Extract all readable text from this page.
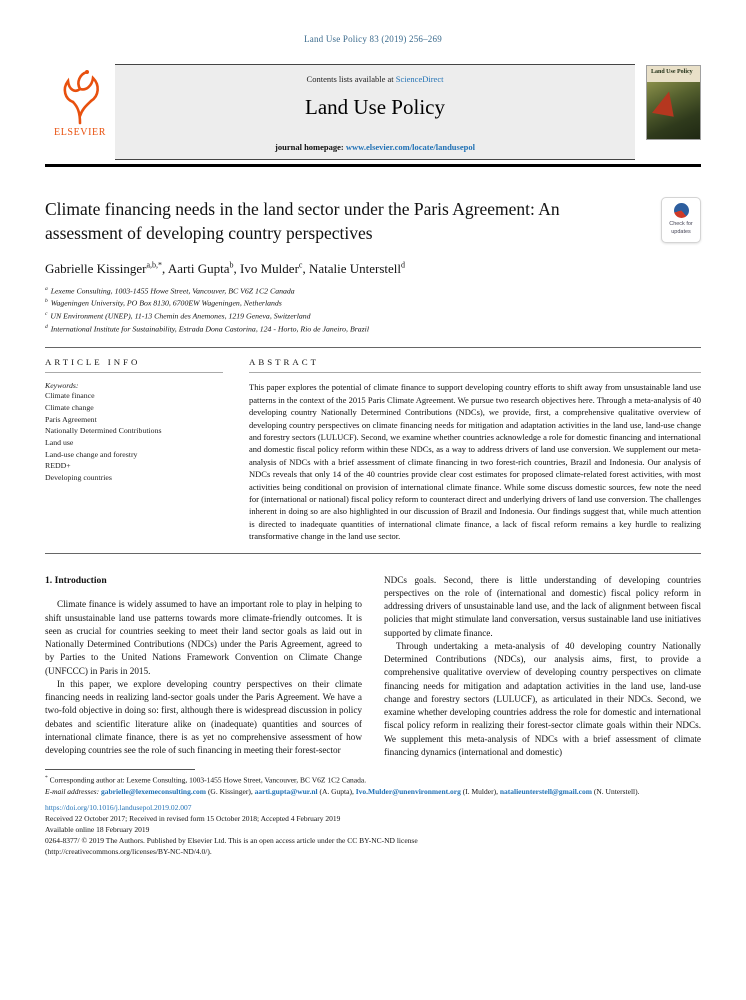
Land Use Policy 83 (2019) 256–269
ELSEVIER
Contents lists available at ScienceDirect
Land Use Policy
journal homepage: www.elsevier.com/locate/landusepol
Land Use Policy
Climate financing needs in the land sector under the Paris Agreement: An assessment of developing country perspectives	Check for updates
Gabrielle Kissinger$^{a,b,*}$, Aarti Gupta$^b$, Ivo Mulder$^c$, Natalie Unterstell$^d$
$^a$ Lexeme Consulting, 1003-1455 Howe Street, Vancouver, BC V6Z 1C2 Canada
$^b$ Wageningen University, PO Box 8130, 6700EW Wageningen, Netherlands
$^c$ UN Environment (UNEP), 11-13 Chemin des Anemones, 1219 Geneva, Switzerland
$^d$ International Institute for Sustainability, Estrada Dona Castorina, 124 - Horto, Rio de Janeiro, Brazil
ARTICLE INFO
Keywords:
Climate finance
Climate change
Paris Agreement
Nationally Determined Contributions
Land use
Land-use change and forestry
REDD+
Developing countries
ABSTRACT

This paper explores the potential of climate finance to support developing country efforts to shift away from unsustainable land use patterns in the context of the 2015 Paris Climate Agreement. We pursue two research objectives here. Through a meta-analysis of 40 developing country Nationally Determined Contributions (NDCs), we provide, first, a comprehensive qualitative overview of developing country perspectives on climate financing needs for mitigation and adaptation activities in the land use, land-use change and forestry sectors (LULUCF). Second, we examine whether countries acknowledge a role for domestic financing and international and domestic fiscal policy reform within these NDCs, as a way to address drivers of land use conversion. We supplement our meta-analysis of NDCs with a brief assessment of climate financing in two forest-rich countries, Brazil and Indonesia. Our analysis of NDCs reveals that only 14 of the 40 countries provide clear cost estimates for proposed climate-related forest activities, with most activities being conditional on provision of international climate finance. While some discuss domestic sources, few note the need for (international or national) fiscal policy reform to counteract direct and underlying drivers of land use conversion. The challenges inherent in doing so are also highlighted in our discussion of Brazil and Indonesia. Our findings suggest that, while much attention is directed to inadequate quantities of international climate finance, a lack of fiscal reform remains a key hurdle to realizing transformative change in the land use sector.

1. Introduction

Climate finance is widely assumed to have an important role to play in helping to shift unsustainable land use patterns towards more climate-friendly outcomes. It is seen as crucial for countries seeking to meet their land sector goals as laid out in Nationally Determined Contributions (NDCs) under the Paris Agreement, agreed to by Parties to the United Nations Framework Convention on Climate Change (UNFCCC) in Paris in 2015.

In this paper, we explore developing country perspectives on their climate financing needs in realizing land-sector goals under the Paris Agreement. We have a two-fold objective in doing so: first, although there is widespread discussion in policy debates and scientific literature alike on (inadequate) quantities and sources of international climate finance, there is as yet no comprehensive assessment of how developing countries see the role of such financing in meeting their forest-sector

NDCs goals. Second, there is little understanding of developing countries perspectives on the role of (international and domestic) fiscal policy reform in addressing drivers of unsustainable land use, and the lack of alignment between fiscal policies that might stimulate land conversation, versus sustainable land use initiatives supported by climate finance.

Through undertaking a meta-analysis of 40 developing country Nationally Determined Contributions (NDCs), our analysis aims, first, to provide a comprehensive qualitative overview of developing country perspectives on climate financing needs for mitigation and adaptation activities in the land use, land-use change and forestry sectors (LULUCF), as articulated in their NDCs. Second, we examine whether developing countries address the role for domestic and international fiscal policy reform in realizing their forest-sector climate goals within their NDCs. We supplement this meta-analysis of NDCs with a brief assessment of climate financing dynamics (international and domestic)

* Corresponding author at: Lexeme Consulting, 1003-1455 Howe Street, Vancouver, BC V6Z 1C2 Canada.

E-mail addresses: gabrielle@lexemeconsulting.com (G. Kissinger), aarti.gupta@wur.nl (A. Gupta), Ivo.Mulder@unenvironment.org (I. Mulder), natalieunterstell@gmail.com (N. Unterstell).

https://doi.org/10.1016/j.landusepol.2019.02.007
Received 22 October 2017; Received in revised form 15 October 2018; Accepted 4 February 2019
Available online 18 February 2019
0264-8377/ © 2019 The Authors. Published by Elsevier Ltd. This is an open access article under the CC BY-NC-ND license
(http://creativecommons.org/licenses/BY-NC-ND/4.0/).
